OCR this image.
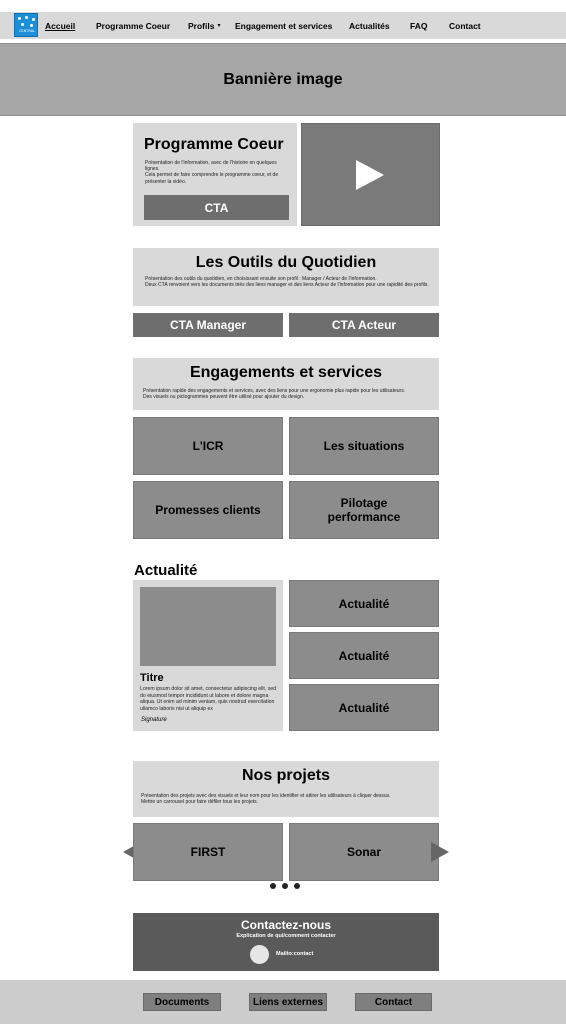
CENTRAL
Accueil Programme Coeur Profils ▾ Engagement et services Actualités FAQ	Contact
Bannière image
Programme Coeur
Présentation de l'information, avec de l'histoire en quelques lignes.
Cela permet de faire comprendre le programme coeur, et de présenter la vidéo.
CTA
Les Outils du Quotidien
Présentation des outils du quotidien, en choisissant ensuite son profil : Manager / Acteur de l'information.
Deux CTA renvoient vers les documents triés des liens manager et des liens Acteur de l'information pour une rapidité des profils.
CTA Manager	CTA Acteur
Engagements et services
Présentation rapide des engagements et services, avec des liens pour une ergonomie plus rapide pour les utilisateurs.
Des visuels ou pictogrammes peuvent être utilisé pour ajouter du design.
L'ICR	Les situations
Promesses clients	Pilotage performance
Actualité
Titre
Lorem ipsum dolor sit amet, consectetur adipiscing elit, sed do eiusmod tempor incididunt ut labore et dolore magna aliqua. Ut enim ad minim veniam, quis nostrud exercitation ullamco laboris nisi ut aliquip ex
Signature
Actualité
Actualité
Actualité
Nos projets
Présentation des projets avec des visuels et leur nom pour les identifier et attirer les utilisateurs à cliquer dessus.
Mettre un carrousel pour faire défiler tous les projets.
FIRST	Sonar
Contactez-nous
Explication de qui/comment contacter
Mailto:contact
Documents	Liens externes	Contact
